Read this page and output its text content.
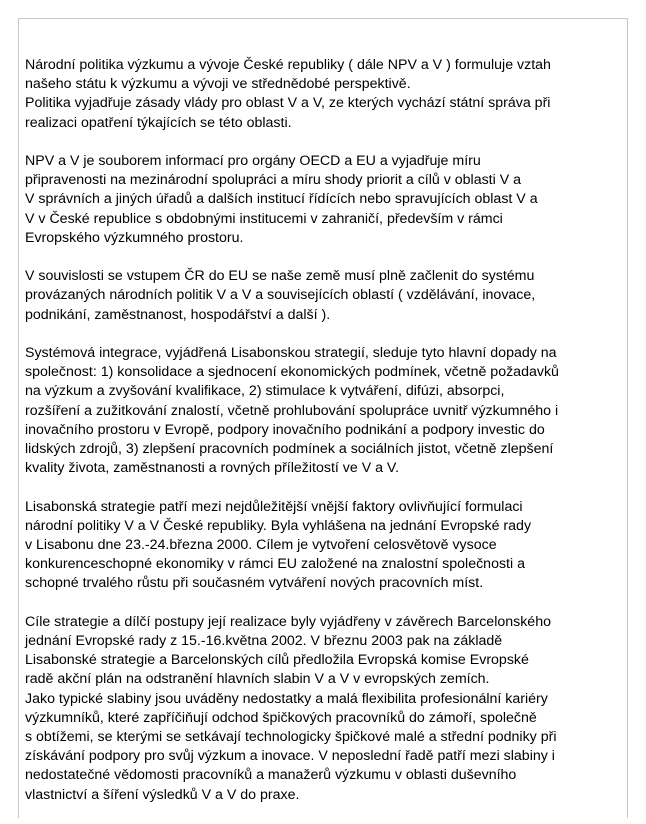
Národní politika výzkumu a vývoje České republiky ( dále NPV a V ) formuluje vztah
našeho státu k výzkumu a vývoji ve střednědobé perspektivě.
Politika vyjadřuje zásady vlády pro oblast V a V, ze kterých vychází státní správa při
realizaci opatření týkajících se této oblasti.

NPV a V je souborem informací pro orgány OECD a EU a vyjadřuje míru
připravenosti na mezinárodní spolupráci a míru shody priorit a cílů v oblasti V a
V správních a jiných úřadů a dalších institucí řídících nebo spravujících oblast V a
V v České republice s obdobnými institucemi v zahraničí, především v rámci
Evropského výzkumného prostoru.

V souvislosti se vstupem ČR do EU se naše země musí plně začlenit do systému
provázaných národních politik V a V a souvisejících oblastí ( vzdělávání, inovace,
podnikání, zaměstnanost, hospodářství a další ).

Systémová integrace, vyjádřená Lisabonskou strategií, sleduje tyto hlavní dopady na
společnost: 1) konsolidace a sjednocení ekonomických podmínek, včetně požadavků
na výzkum a zvyšování kvalifikace, 2) stimulace k vytváření, difúzi, absorpci,
rozšíření a zužitkování znalostí, včetně prohlubování spolupráce uvnitř výzkumného i
inovačního prostoru v Evropě, podpory inovačního podnikání a podpory investic do
lidských zdrojů, 3) zlepšení pracovních podmínek a sociálních jistot, včetně zlepšení
kvality života, zaměstnanosti a rovných příležitostí ve V a V.

Lisabonská strategie patří mezi nejdůležitější vnější faktory ovlivňující formulaci
národní politiky V a V České republiky. Byla vyhlášena na jednání Evropské rady
v Lisabonu dne 23.-24.března 2000. Cílem je vytvoření celosvětově vysoce
konkurenceschopné ekonomiky v rámci EU založené na znalostní společnosti a
schopné trvalého růstu při současném vytváření nových pracovních míst.

Cíle strategie a dílčí postupy její realizace byly vyjádřeny v závěrech Barcelonského
jednání Evropské rady z 15.-16.května 2002. V březnu 2003 pak na základě
Lisabonské strategie a Barcelonských cílů předložila Evropská komise Evropské
radě akční plán na odstranění hlavních slabin V a V v evropských zemích.
Jako typické slabiny jsou uváděny nedostatky a malá flexibilita profesionální kariéry
výzkumníků, které zapříčiňují odchod špičkových pracovníků do zámoří, společně
s obtížemi, se kterými se setkávají technologicky špičkové malé a střední podniky při
získávání podpory pro svůj výzkum a inovace. V neposlední řadě patří mezi slabiny i
nedostatečné vědomosti pracovníků a manažerů výzkumu v oblasti duševního
vlastnictví a šíření výsledků V a V do praxe.
